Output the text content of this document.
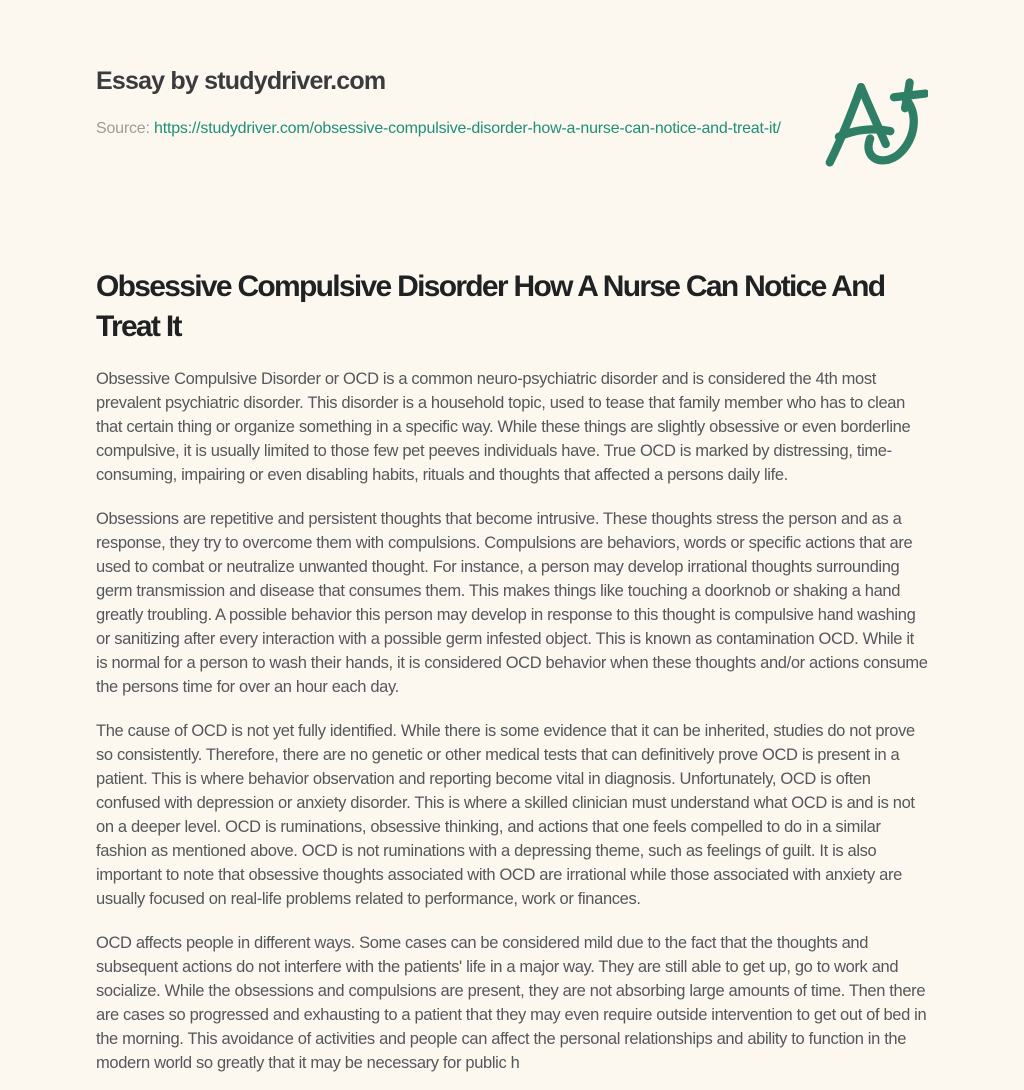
Essay by studydriver.com

Source: https://studydriver.com/obsessive-compulsive-disorder-how-a-nurse-can-notice-and-treat-it/

Obsessive Compulsive Disorder How A Nurse Can Notice And Treat It

Obsessive Compulsive Disorder or OCD is a common neuro-psychiatric disorder and is considered the 4th most prevalent psychiatric disorder. This disorder is a household topic, used to tease that family member who has to clean that certain thing or organize something in a specific way. While these things are slightly obsessive or even borderline compulsive, it is usually limited to those few pet peeves individuals have. True OCD is marked by distressing, time-consuming, impairing or even disabling habits, rituals and thoughts that affected a persons daily life.

Obsessions are repetitive and persistent thoughts that become intrusive. These thoughts stress the person and as a response, they try to overcome them with compulsions. Compulsions are behaviors, words or specific actions that are used to combat or neutralize unwanted thought. For instance, a person may develop irrational thoughts surrounding germ transmission and disease that consumes them. This makes things like touching a doorknob or shaking a hand greatly troubling. A possible behavior this person may develop in response to this thought is compulsive hand washing or sanitizing after every interaction with a possible germ infested object. This is known as contamination OCD. While it is normal for a person to wash their hands, it is considered OCD behavior when these thoughts and/or actions consume the persons time for over an hour each day.

The cause of OCD is not yet fully identified. While there is some evidence that it can be inherited, studies do not prove so consistently. Therefore, there are no genetic or other medical tests that can definitively prove OCD is present in a patient. This is where behavior observation and reporting become vital in diagnosis. Unfortunately, OCD is often confused with depression or anxiety disorder. This is where a skilled clinician must understand what OCD is and is not on a deeper level. OCD is ruminations, obsessive thinking, and actions that one feels compelled to do in a similar fashion as mentioned above. OCD is not ruminations with a depressing theme, such as feelings of guilt. It is also important to note that obsessive thoughts associated with OCD are irrational while those associated with anxiety are usually focused on real-life problems related to performance, work or finances.

OCD affects people in different ways. Some cases can be considered mild due to the fact that the thoughts and subsequent actions do not interfere with the patients' life in a major way. They are still able to get up, go to work and socialize. While the obsessions and compulsions are present, they are not absorbing large amounts of time. Then there are cases so progressed and exhausting to a patient that they may even require outside intervention to get out of bed in the morning. This avoidance of activities and people can affect the personal relationships and ability to function in the modern world so greatly that it may be necessary for public h
